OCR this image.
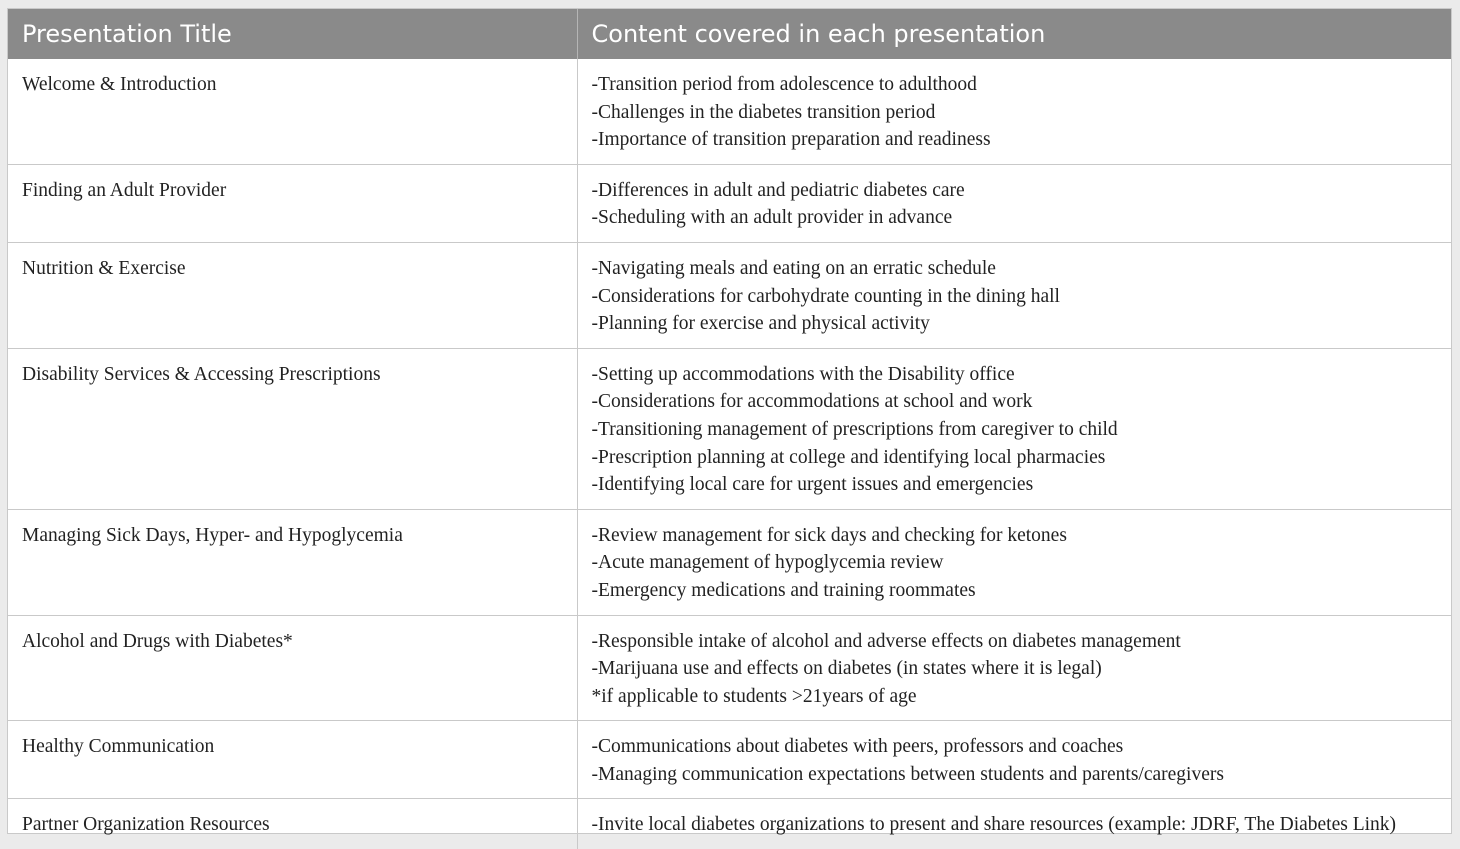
Presentation Title	Content covered in each presentation
Welcome & Introduction	-Transition period from adolescence to adulthood
-Challenges in the diabetes transition period
-Importance of transition preparation and readiness

Finding an Adult Provider	-Differences in adult and pediatric diabetes care
-Scheduling with an adult provider in advance

Nutrition & Exercise	-Navigating meals and eating on an erratic schedule
-Considerations for carbohydrate counting in the dining hall
-Planning for exercise and physical activity

Disability Services & Accessing Prescriptions	-Setting up accommodations with the Disability office
-Considerations for accommodations at school and work
-Transitioning management of prescriptions from caregiver to child
-Prescription planning at college and identifying local pharmacies
-Identifying local care for urgent issues and emergencies

Managing Sick Days, Hyper- and Hypoglycemia	-Review management for sick days and checking for ketones
-Acute management of hypoglycemia review
-Emergency medications and training roommates

Alcohol and Drugs with Diabetes*	-Responsible intake of alcohol and adverse effects on diabetes management
-Marijuana use and effects on diabetes (in states where it is legal)
*if applicable to students >21years of age

Healthy Communication	-Communications about diabetes with peers, professors and coaches
-Managing communication expectations between students and parents/caregivers

Partner Organization Resources	-Invite local diabetes organizations to present and share resources (example: JDRF, The Diabetes Link)
